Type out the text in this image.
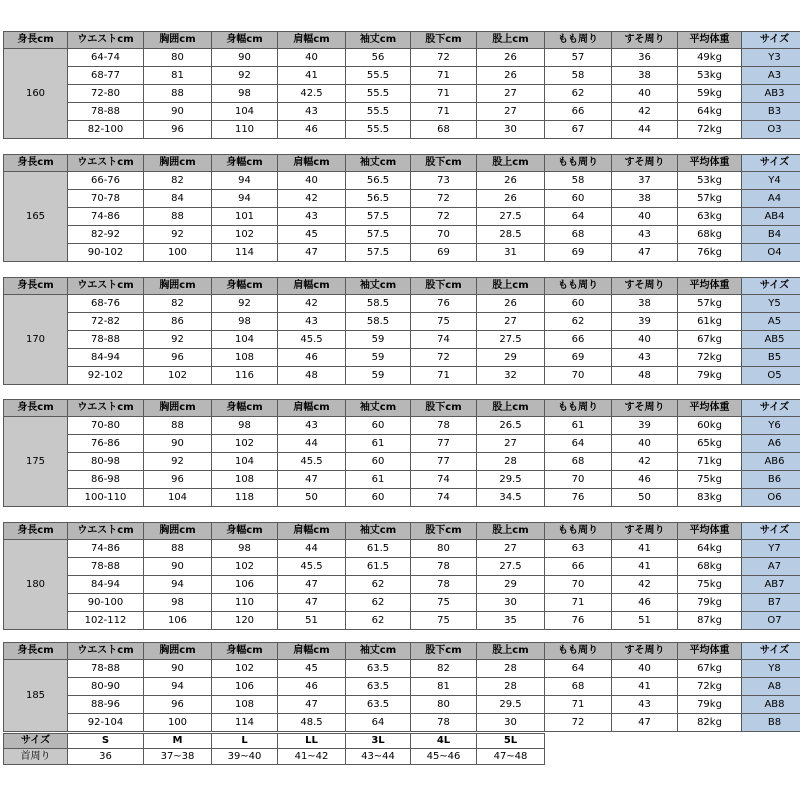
身長cm	ウエストcm	胸囲cm	身幅cm	肩幅cm	袖丈cm	股下cm	股上cm	もも周り	すそ周り	平均体重	サイズ
160	64-74	80	90	40	56	72	26	57	36	49kg	Y3
	68-77	81	92	41	55.5	71	26	58	38	53kg	A3
	72-80	88	98	42.5	55.5	71	27	62	40	59kg	AB3
	78-88	90	104	43	55.5	71	27	66	42	64kg	B3
	82-100	96	110	46	55.5	68	30	67	44	72kg	O3
身長cm	ウエストcm	胸囲cm	身幅cm	肩幅cm	袖丈cm	股下cm	股上cm	もも周り	すそ周り	平均体重	サイズ
165	66-76	82	94	40	56.5	73	26	58	37	53kg	Y4
	70-78	84	94	42	56.5	72	26	60	38	57kg	A4
	74-86	88	101	43	57.5	72	27.5	64	40	63kg	AB4
	82-92	92	102	45	57.5	70	28.5	68	43	68kg	B4
	90-102	100	114	47	57.5	69	31	69	47	76kg	O4
身長cm	ウエストcm	胸囲cm	身幅cm	肩幅cm	袖丈cm	股下cm	股上cm	もも周り	すそ周り	平均体重	サイズ
170	68-76	82	92	42	58.5	76	26	60	38	57kg	Y5
	72-82	86	98	43	58.5	75	27	62	39	61kg	A5
	78-88	92	104	45.5	59	74	27.5	66	40	67kg	AB5
	84-94	96	108	46	59	72	29	69	43	72kg	B5
	92-102	102	116	48	59	71	32	70	48	79kg	O5
身長cm	ウエストcm	胸囲cm	身幅cm	肩幅cm	袖丈cm	股下cm	股上cm	もも周り	すそ周り	平均体重	サイズ
175	70-80	88	98	43	60	78	26.5	61	39	60kg	Y6
	76-86	90	102	44	61	77	27	64	40	65kg	A6
	80-98	92	104	45.5	60	77	28	68	42	71kg	AB6
	86-98	96	108	47	61	74	29.5	70	46	75kg	B6
	100-110	104	118	50	60	74	34.5	76	50	83kg	O6
身長cm	ウエストcm	胸囲cm	身幅cm	肩幅cm	袖丈cm	股下cm	股上cm	もも周り	すそ周り	平均体重	サイズ
180	74-86	88	98	44	61.5	80	27	63	41	64kg	Y7
	78-88	90	102	45.5	61.5	78	27.5	66	41	68kg	A7
	84-94	94	106	47	62	78	29	70	42	75kg	AB7
	90-100	98	110	47	62	75	30	71	46	79kg	B7
	102-112	106	120	51	62	75	35	76	51	87kg	O7
身長cm	ウエストcm	胸囲cm	身幅cm	肩幅cm	袖丈cm	股下cm	股上cm	もも周り	すそ周り	平均体重	サイズ
185	78-88	90	102	45	63.5	82	28	64	40	67kg	Y8
	80-90	94	106	46	63.5	81	28	68	41	72kg	A8
	88-96	96	108	47	63.5	80	29.5	71	43	79kg	AB8
	92-104	100	114	48.5	64	78	30	72	47	82kg	B8
サイズ	S	M	L	LL	3L	4L	5L
首周り	36	37~38	39~40	41~42	43~44	45~46	47~48
